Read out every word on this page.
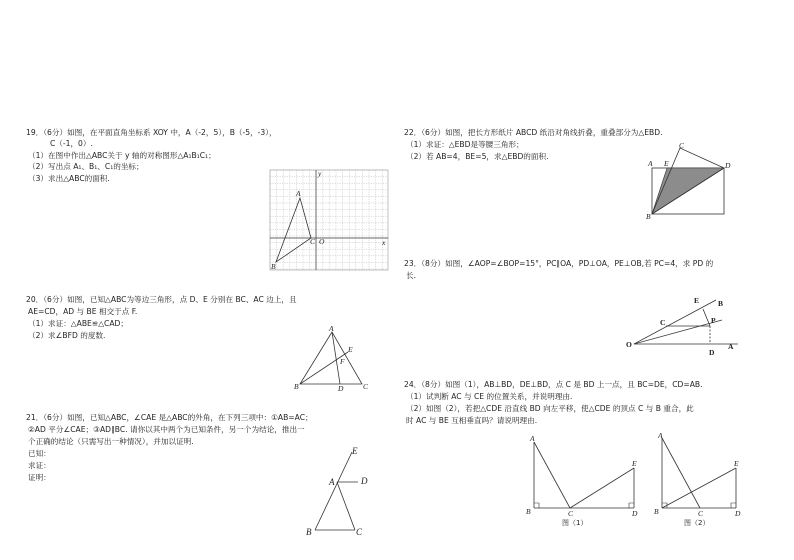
19．（6分）如图，在平面直角坐标系 XOY 中，A（-2，5），B（-5，-3），
C（-1，0）.
（1）在图中作出△ABC关于 y 轴的对称图形△A₁B₁C₁；
（2）写出点 A₁、B₁、C₁的坐标；
（3）求出△ABC的面积.
A
B
C O	x
y
20．（6分）如图，已知△ABC为等边三角形，点 D、E 分别在 BC、AC 边上，且
AE=CD，AD 与 BE 相交于点 F.
（1）求证：△ABE≌△CAD；
（2）求∠BFD 的度数.
A
B	C
D
E
F
21．（6分）如图，已知△ABC，∠CAE 是△ABC的外角，在下列三项中：①AB=AC；
②AD 平分∠CAE；③AD∥BC. 请你以其中两个为已知条件，另一个为结论，推出一
个正确的结论（只需写出一种情况），并加以证明.
已知：
求证：
证明：	A
B	C
D
E
22．（6分）如图，把长方形纸片 ABCD 纸沿对角线折叠，重叠部分为△EBD.
（1）求证：△EBD是等腰三角形；
（2）若 AB=4，BE=5，求△EBD的面积.
A
B
C
D
E
23．（8分）如图，∠AOP=∠BOP=15°，PC∥OA，PD⊥OA，PE⊥OB,若 PC=4，求 PD 的
长.
O	A
E
C	P
D
B
24．（8分）如图（1），AB⊥BD，DE⊥BD，点 C 是 BD 上一点，且 BC=DE，CD=AB.
（1）试判断 AC 与 CE 的位置关系，并说明理由.
（2）如图（2），若把△CDE 沿直线 BD 向左平移，使△CDE 的顶点 C 与 B 重合，此
时 AC 与 BE 互相垂直吗？请说明理由.
A
B	C	D
E
图（1）
A
B	C	D
E
图（2）
